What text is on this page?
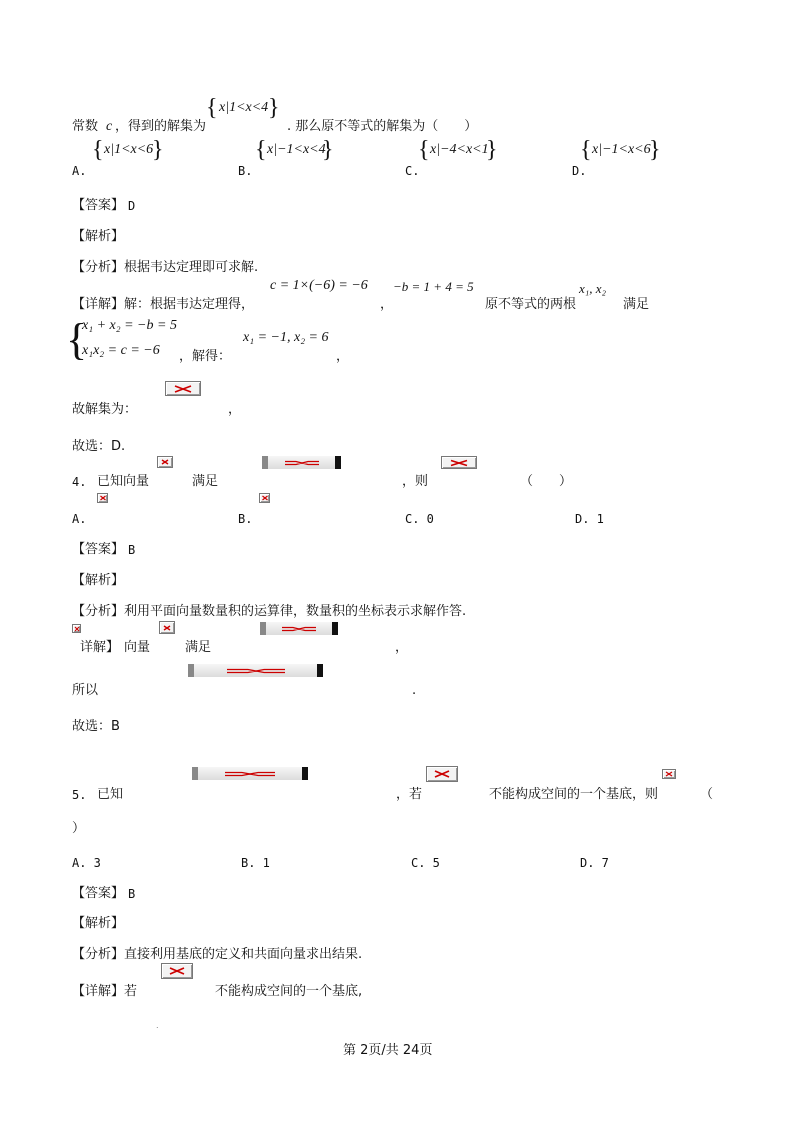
{ x|1<x<4 }
常数 c ，得到的解集为	. 那么原不等式的解集为（　　）
{ x|1<x<6
}	{ x|−1<x<4
}	{ x|−4<x<1
}	{ x|−1<x<6
}
A.	B.	C.	D.
【答案】 D
【解析】
【分析】 根据韦达定理即可求解.
c = 1×(−6) = −6 −b = 1 + 4 = 5	x₁, x₂
【详解】 解：根据韦达定理得，	，	原不等式的两根	满足
{
x₁ + x₂ = −b = 5
x₁x₂ = c = −6 ，解得：
x₁ = −1, x₂ = 6
，
故解集为：	，
故选：D.
4. 已知向量	满足	，则	（　　）
A.	B.	C. 0	D. 1
【答案】 B
【解析】
【分析】 利用平面向量数量积的运算律，数量积的坐标表示求解作答.
详解】 向量	满足	，
所以	.
故选：B
5. 已知	，若	不能构成空间的一个基底，则	（
）
A. 3	B. 1	C. 5	D. 7
【答案】 B
【解析】
【分析】 直接利用基底的定义和共面向量求出结果.
【详解】 若	不能构成空间的一个基底,
.
第 2页/共 24页
